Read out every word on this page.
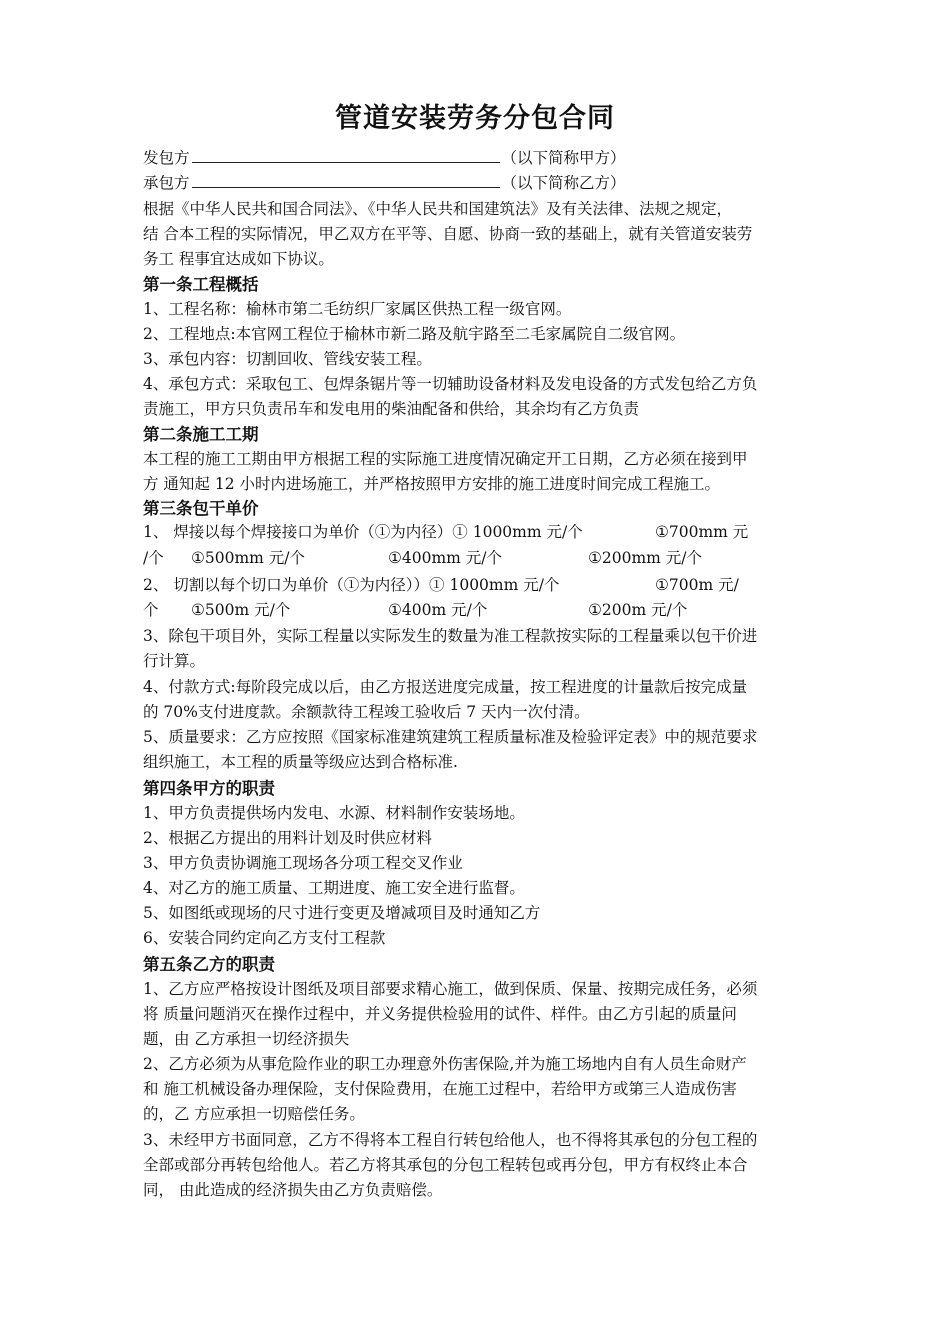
管道安装劳务分包合同
发包方	（以下简称甲方）
承包方	（以下简称乙方）
根据《中华人民共和国合同法》、《中华人民共和国建筑法》及有关法律、法规之规定，
结 合本工程的实际情况，甲乙双方在平等、自愿、协商一致的基础上，就有关管道安装劳
务工 程事宜达成如下协议。
第一条工程概括
1、工程名称：榆林市第二毛纺织厂家属区供热工程一级官网。
2、工程地点:本官网工程位于榆林市新二路及航宇路至二毛家属院自二级官网。
3、承包内容：切割回收、管线安装工程。
4、承包方式：采取包工、包焊条锯片等一切辅助设备材料及发电设备的方式发包给乙方负
责施工，甲方只负责吊车和发电用的柴油配备和供给，其余均有乙方负责
第二条施工工期
本工程的施工工期由甲方根据工程的实际施工进度情况确定开工日期，乙方必须在接到甲
方 通知起 12 小时内进场施工，并严格按照甲方安排的施工进度时间完成工程施工。
第三条包干单价
1、 焊接以每个焊接接口为单价（①为内径）① 1000mm 元/个	①700mm 元
/个 ①500mm 元/个	①400mm 元/个	①200mm 元/个
2、 切割以每个切口为单价（①为内径））① 1000mm 元/个	①700m 元/
个 ①500m 元/个	①400m 元/个	①200m 元/个
3、除包干项目外，实际工程量以实际发生的数量为准工程款按实际的工程量乘以包干价进
行计算。
4、付款方式:每阶段完成以后，由乙方报送进度完成量，按工程进度的计量款后按完成量
的 70%支付进度款。余额款待工程竣工验收后 7 天内一次付清。
5、质量要求：乙方应按照《国家标准建筑建筑工程质量标准及检验评定表》中的规范要求
组织施工，本工程的质量等级应达到合格标准.
第四条甲方的职责
1、甲方负责提供场内发电、水源、材料制作安装场地。
2、根据乙方提出的用料计划及时供应材料
3、甲方负责协调施工现场各分项工程交叉作业
4、对乙方的施工质量、工期进度、施工安全进行监督。
5、如图纸或现场的尺寸进行变更及增减项目及时通知乙方
6、安装合同约定向乙方支付工程款
第五条乙方的职责
1、乙方应严格按设计图纸及项目部要求精心施工，做到保质、保量、按期完成任务，必须
将 质量问题消灭在操作过程中，并义务提供检验用的试件、样件。由乙方引起的质量问
题，由 乙方承担一切经济损失
2、乙方必须为从事危险作业的职工办理意外伤害保险,并为施工场地内自有人员生命财产
和 施工机械设备办理保险，支付保险费用，在施工过程中，若给甲方或第三人造成伤害
的，乙 方应承担一切赔偿任务。
3、未经甲方书面同意，乙方不得将本工程自行转包给他人，也不得将其承包的分包工程的
全部或部分再转包给他人。若乙方将其承包的分包工程转包或再分包，甲方有权终止本合
同， 由此造成的经济损失由乙方负责赔偿。
